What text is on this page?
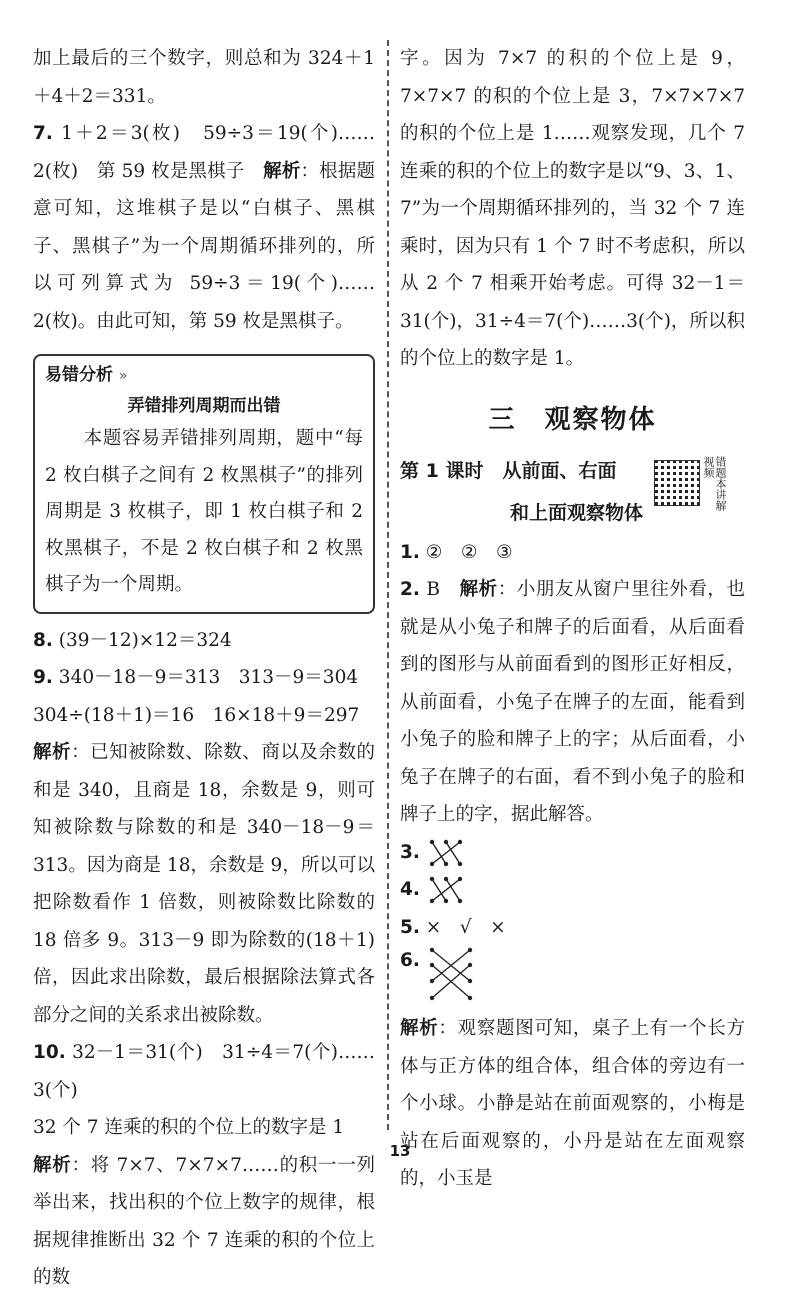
加上最后的三个数字，则总和为 324＋1＋4＋2＝331。

7. 1＋2＝3(枚)　59÷3＝19(个)……2(枚)　第 59 枚是黑棋子　解析：根据题意可知，这堆棋子是以“白棋子、黑棋子、黑棋子”为一个周期循环排列的，所以可列算式为 59÷3＝19(个)……2(枚)。由此可知，第 59 枚是黑棋子。

易错分析 »
弄错排列周期而出错

　　本题容易弄错排列周期，题中“每 2 枚白棋子之间有 2 枚黑棋子”的排列周期是 3 枚棋子，即 1 枚白棋子和 2 枚黑棋子，不是 2 枚白棋子和 2 枚黑棋子为一个周期。

8. (39－12)×12＝324

9. 340－18－9＝313　313－9＝304

304÷(18＋1)＝16　16×18＋9＝297

解析：已知被除数、除数、商以及余数的和是 340，且商是 18，余数是 9，则可知被除数与除数的和是 340－18－9＝313。因为商是 18，余数是 9，所以可以把除数看作 1 倍数，则被除数比除数的 18 倍多 9。313－9 即为除数的(18＋1)倍，因此求出除数，最后根据除法算式各部分之间的关系求出被除数。

10. 32－1＝31(个)　31÷4＝7(个)……3(个)

32 个 7 连乘的积的个位上的数字是 1

解析：将 7×7、7×7×7……的积一一列举出来，找出积的个位上数字的规律，根据规律推断出 32 个 7 连乘的积的个位上的数

字。因为 7×7 的积的个位上是 9，7×7×7 的积的个位上是 3，7×7×7×7 的积的个位上是 1……观察发现，几个 7 连乘的积的个位上的数字是以“9、3、1、7”为一个周期循环排列的，当 32 个 7 连乘时，因为只有 1 个 7 时不考虑积，所以从 2 个 7 相乘开始考虑。可得 32－1＝31(个)，31÷4＝7(个)……3(个)，所以积的个位上的数字是 1。

三　观察物体
第 1 课时　从前面、右面
和上面观察物体
错题本讲解视频

1. ②　②　③

2. B　解析：小朋友从窗户里往外看，也就是从小兔子和牌子的后面看，从后面看到的图形与从前面看到的图形正好相反，从前面看，小兔子在牌子的左面，能看到小兔子的脸和牌子上的字；从后面看，小兔子在牌子的右面，看不到小兔子的脸和牌子上的字，据此解答。

3.

4.

5. ×　√　×

6.

解析：观察题图可知，桌子上有一个长方体与正方体的组合体，组合体的旁边有一个小球。小静是站在前面观察的，小梅是站在后面观察的，小丹是站在左面观察的，小玉是

13
